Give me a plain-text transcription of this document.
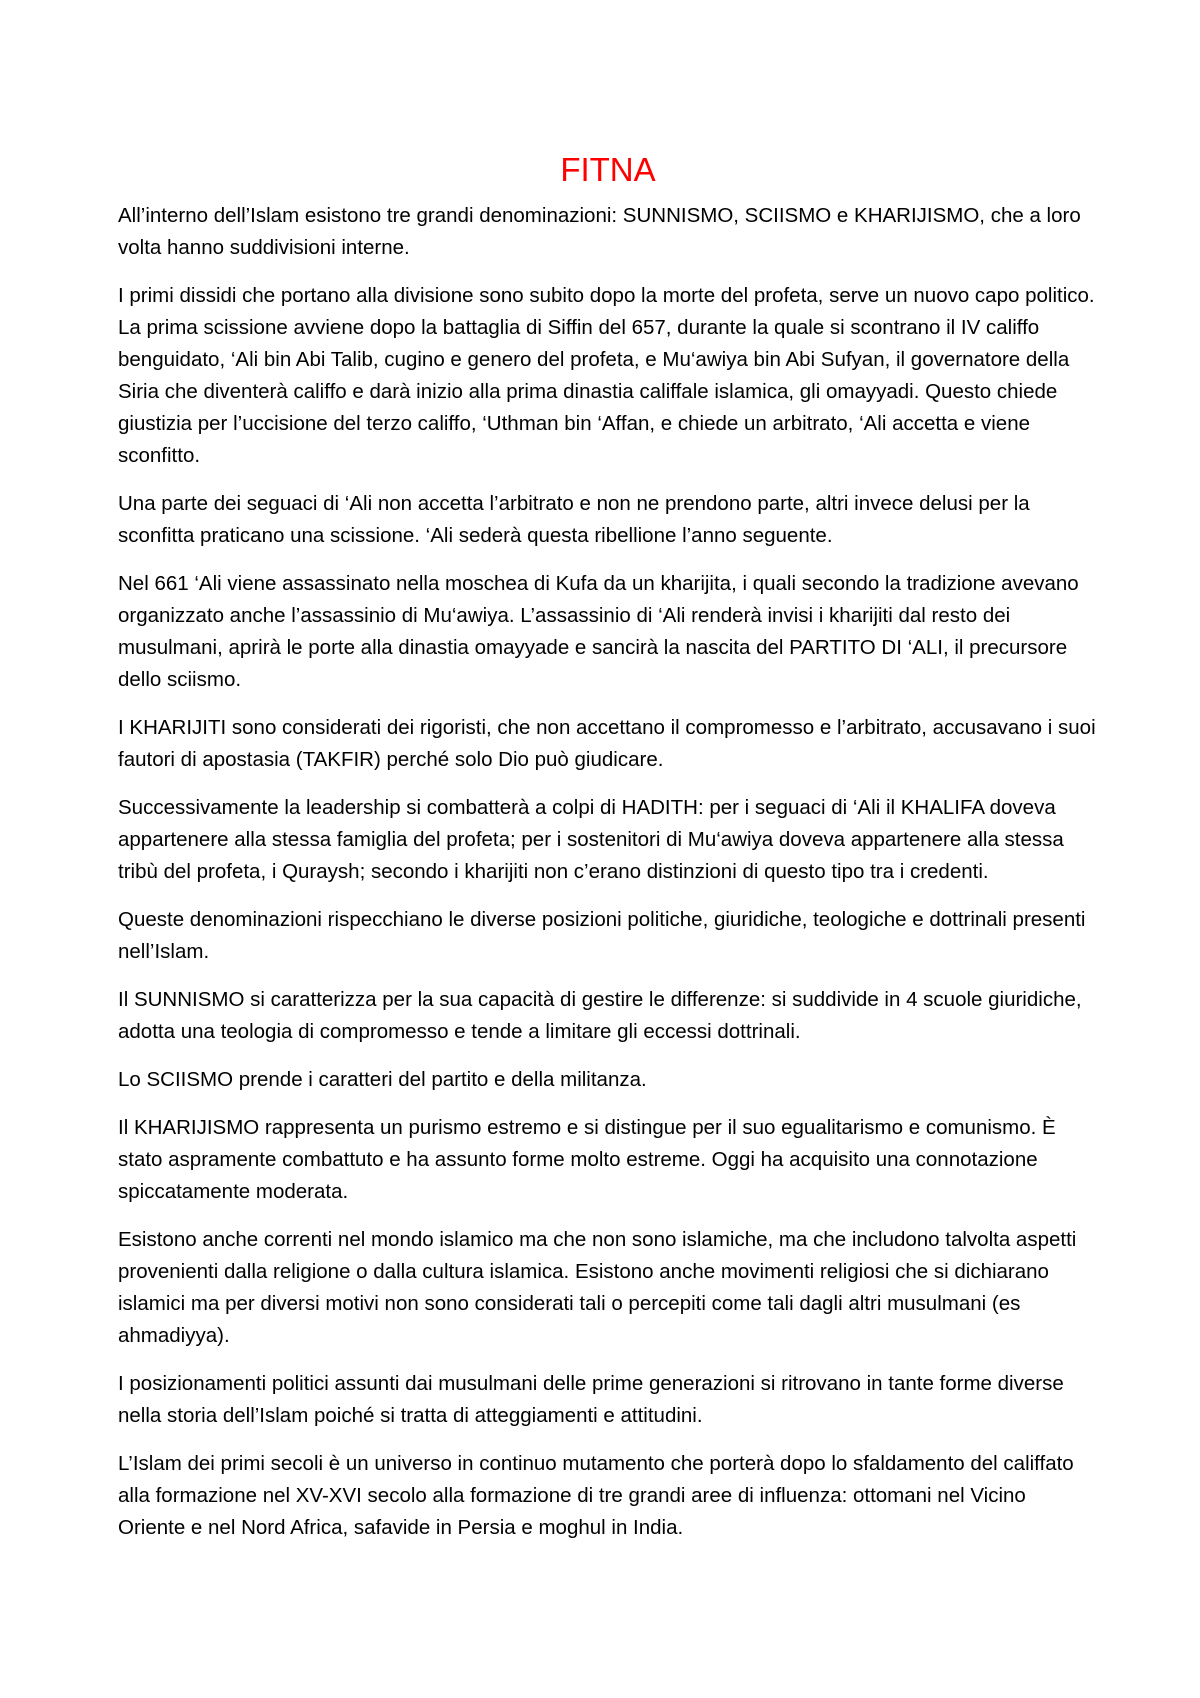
FITNA

All’interno dell’Islam esistono tre grandi denominazioni: SUNNISMO, SCIISMO e KHARIJISMO, che a loro volta hanno suddivisioni interne.

I primi dissidi che portano alla divisione sono subito dopo la morte del profeta, serve un nuovo capo politico. La prima scissione avviene dopo la battaglia di Siffin del 657, durante la quale si scontrano il IV califfo benguidato, ‘Ali bin Abi Talib, cugino e genero del profeta, e Mu‘awiya bin Abi Sufyan, il governatore della Siria che diventerà califfo e darà inizio alla prima dinastia califfale islamica, gli omayyadi. Questo chiede giustizia per l’uccisione del terzo califfo, ‘Uthman bin ‘Affan, e chiede un arbitrato, ‘Ali accetta e viene sconfitto.

Una parte dei seguaci di ‘Ali non accetta l’arbitrato e non ne prendono parte, altri invece delusi per la sconfitta praticano una scissione. ‘Ali sederà questa ribellione l’anno seguente.

Nel 661 ‘Ali viene assassinato nella moschea di Kufa da un kharijita, i quali secondo la tradizione avevano organizzato anche l’assassinio di Mu‘awiya. L’assassinio di ‘Ali renderà invisi i kharijiti dal resto dei musulmani, aprirà le porte alla dinastia omayyade e sancirà la nascita del PARTITO DI ‘ALI, il precursore dello sciismo.

I KHARIJITI sono considerati dei rigoristi, che non accettano il compromesso e l’arbitrato, accusavano i suoi fautori di apostasia (TAKFIR) perché solo Dio può giudicare.

Successivamente la leadership si combatterà a colpi di HADITH: per i seguaci di ‘Ali il KHALIFA doveva appartenere alla stessa famiglia del profeta; per i sostenitori di Mu‘awiya doveva appartenere alla stessa tribù del profeta, i Quraysh; secondo i kharijiti non c’erano distinzioni di questo tipo tra i credenti.

Queste denominazioni rispecchiano le diverse posizioni politiche, giuridiche, teologiche e dottrinali presenti nell’Islam.

Il SUNNISMO si caratterizza per la sua capacità di gestire le differenze: si suddivide in 4 scuole giuridiche, adotta una teologia di compromesso e tende a limitare gli eccessi dottrinali.

Lo SCIISMO prende i caratteri del partito e della militanza.

Il KHARIJISMO rappresenta un purismo estremo e si distingue per il suo egualitarismo e comunismo. È stato aspramente combattuto e ha assunto forme molto estreme. Oggi ha acquisito una connotazione spiccatamente moderata.

Esistono anche correnti nel mondo islamico ma che non sono islamiche, ma che includono talvolta aspetti provenienti dalla religione o dalla cultura islamica. Esistono anche movimenti religiosi che si dichiarano islamici ma per diversi motivi non sono considerati tali o percepiti come tali dagli altri musulmani (es ahmadiyya).

I posizionamenti politici assunti dai musulmani delle prime generazioni si ritrovano in tante forme diverse nella storia dell’Islam poiché si tratta di atteggiamenti e attitudini.

L’Islam dei primi secoli è un universo in continuo mutamento che porterà dopo lo sfaldamento del califfato alla formazione nel XV-XVI secolo alla formazione di tre grandi aree di influenza: ottomani nel Vicino Oriente e nel Nord Africa, safavide in Persia e moghul in India.
